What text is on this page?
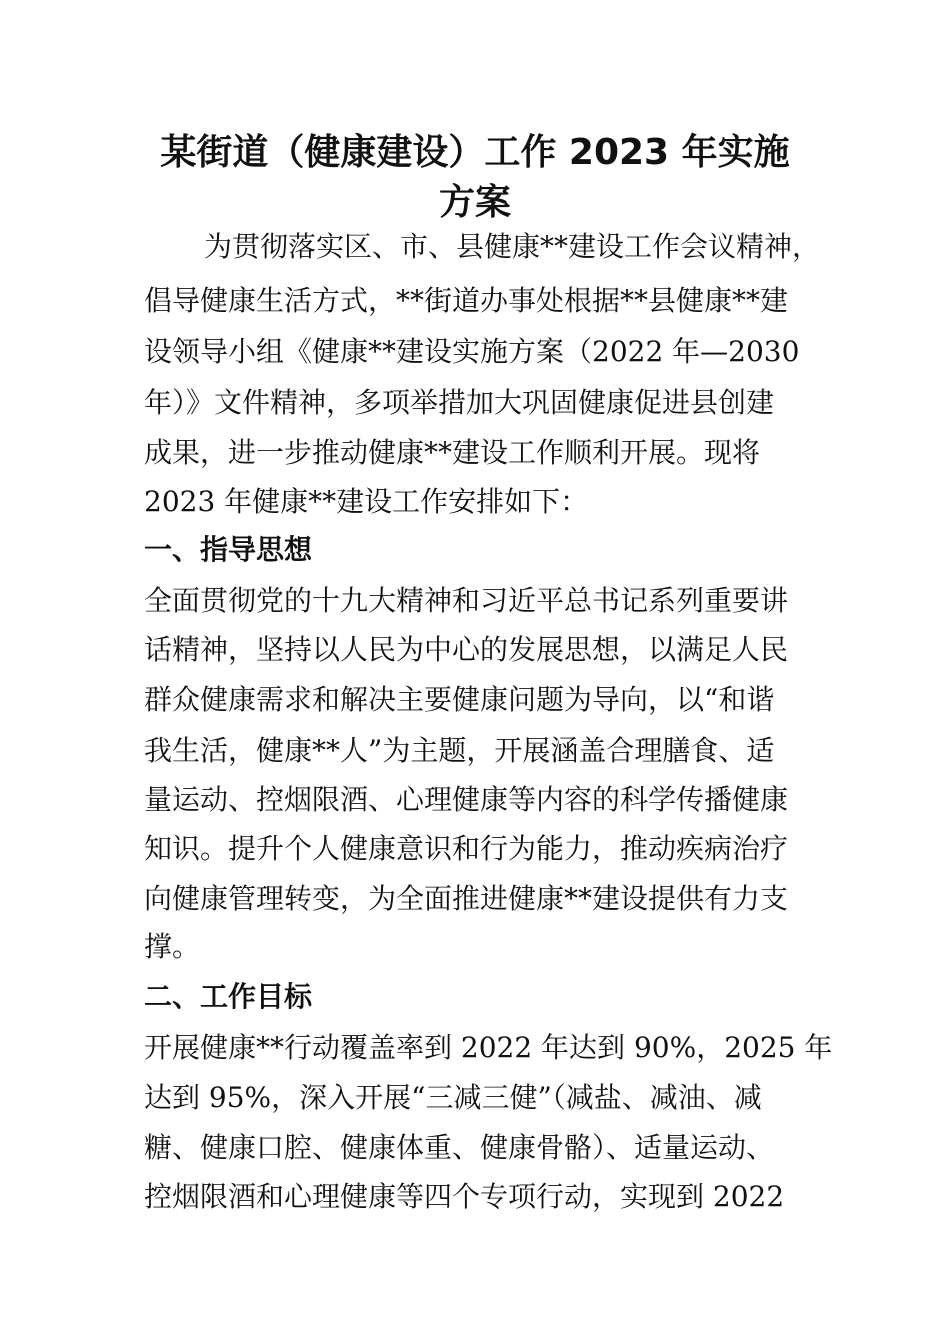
某街道（健康建设）工作 2023 年实施
方案
为贯彻落实区、市、县健康**建设工作会议精神，
倡导健康生活方式，**街道办事处根据**县健康**建
设领导小组《健康**建设实施方案（2022 年—2030
年）》文件精神，多项举措加大巩固健康促进县创建
成果，进一步推动健康**建设工作顺利开展。现将
2023 年健康**建设工作安排如下：
一、指导思想
全面贯彻党的十九大精神和习近平总书记系列重要讲
话精神，坚持以人民为中心的发展思想，以满足人民
群众健康需求和解决主要健康问题为导向，以“和谐
我生活，健康**人”为主题，开展涵盖合理膳食、适
量运动、控烟限酒、心理健康等内容的科学传播健康
知识。提升个人健康意识和行为能力，推动疾病治疗
向健康管理转变，为全面推进健康**建设提供有力支
撑。
二、工作目标
开展健康**行动覆盖率到 2022 年达到 90%，2025 年
达到 95%，深入开展“三减三健”（减盐、减油、减
糖、健康口腔、健康体重、健康骨骼）、适量运动、
控烟限酒和心理健康等四个专项行动，实现到 2022
